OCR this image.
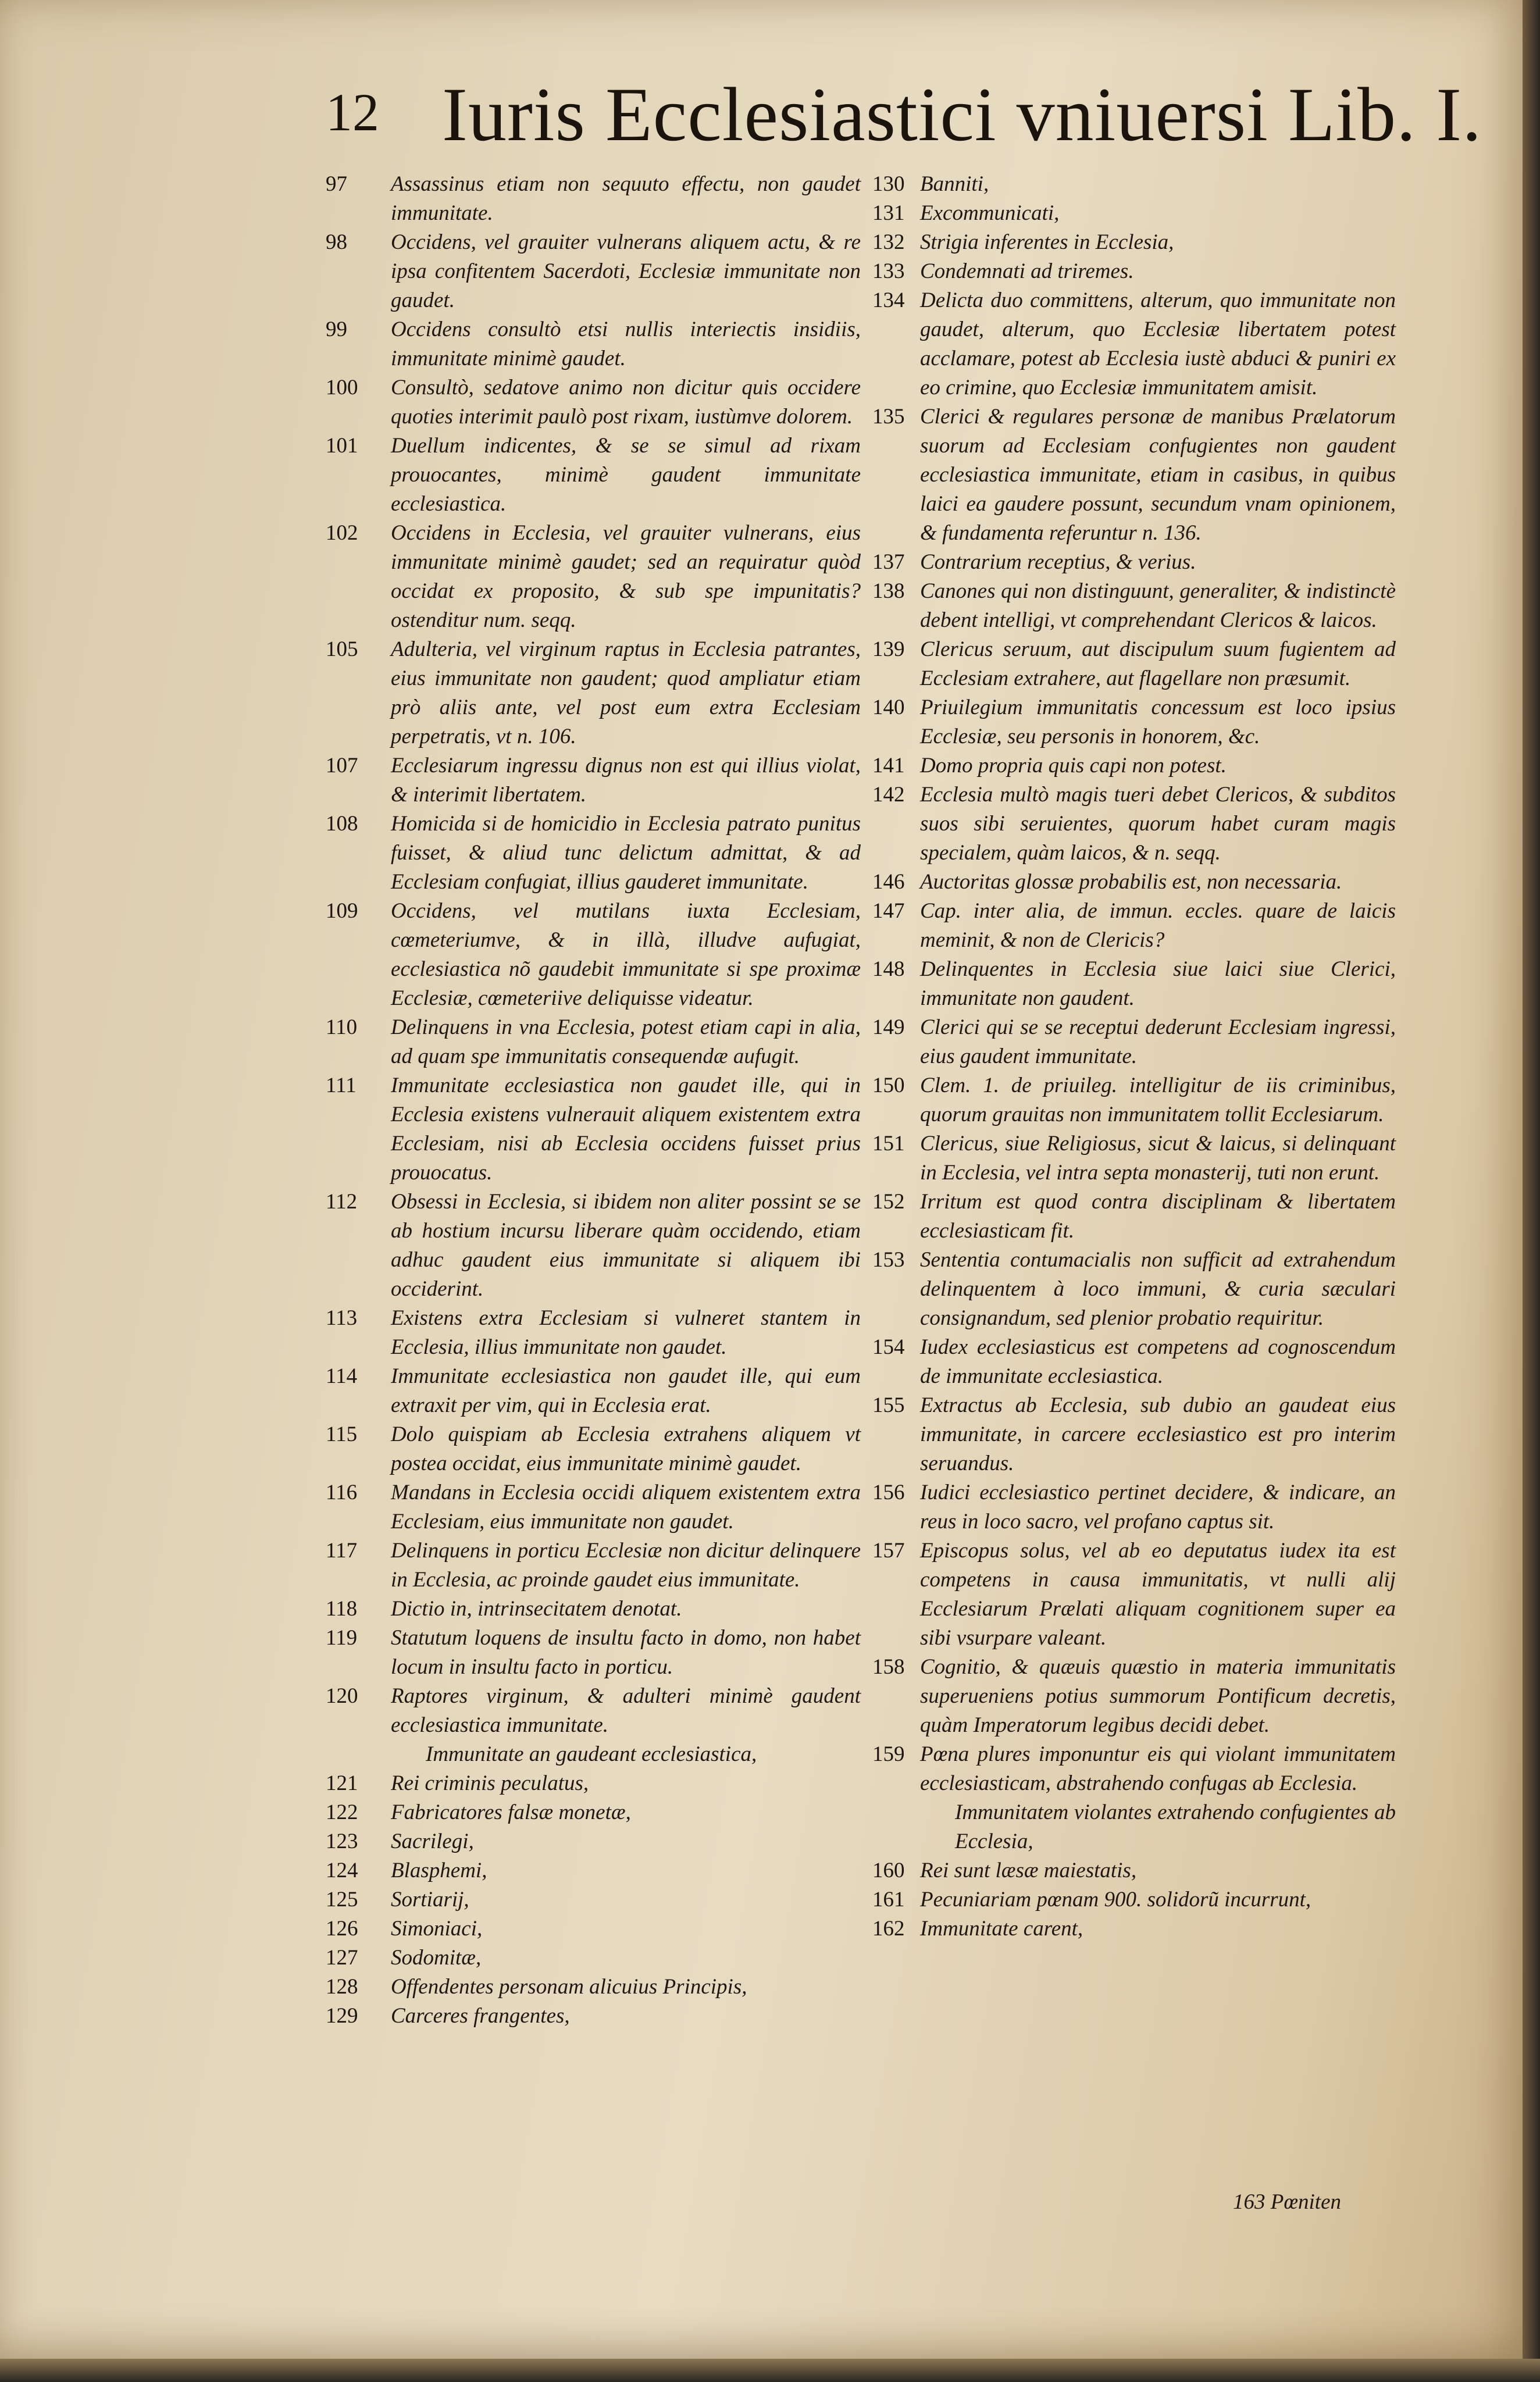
12 Iuris Ecclesiastici vniuersi Lib. I.
97	Assassinus etiam non sequuto effectu, non gaudet immunitate.
98	Occidens, vel grauiter vulnerans aliquem actu, & re ipsa confitentem Sacerdoti, Ecclesiæ immunitate non gaudet.
99	Occidens consultò etsi nullis interiectis insidiis, immunitate minimè gaudet.
100	Consultò, sedatove animo non dicitur quis occidere quoties interimit paulò post rixam, iustùmve dolorem.
101	Duellum indicentes, & se se simul ad rixam prouocantes, minimè gaudent immunitate ecclesiastica.
102	Occidens in Ecclesia, vel grauiter vulnerans, eius immunitate minimè gaudet; sed an requiratur quòd occidat ex proposito, & sub spe impunitatis? ostenditur num. seqq.
105	Adulteria, vel virginum raptus in Ecclesia patrantes, eius immunitate non gaudent; quod ampliatur etiam prò aliis ante, vel post eum extra Ecclesiam perpetratis, vt n. 106.
107	Ecclesiarum ingressu dignus non est qui illius violat, & interimit libertatem.
108	Homicida si de homicidio in Ecclesia patrato punitus fuisset, & aliud tunc delictum admittat, & ad Ecclesiam confugiat, illius gauderet immunitate.
109	Occidens, vel mutilans iuxta Ecclesiam, cœmeteriumve, & in illà, illudve aufugiat, ecclesiastica nõ gaudebit immunitate si spe proximæ Ecclesiæ, cœmeteriive deliquisse videatur.
110	Delinquens in vna Ecclesia, potest etiam capi in alia, ad quam spe immunitatis consequendæ aufugit.
111	Immunitate ecclesiastica non gaudet ille, qui in Ecclesia existens vulnerauit aliquem existentem extra Ecclesiam, nisi ab Ecclesia occidens fuisset prius prouocatus.
112	Obsessi in Ecclesia, si ibidem non aliter possint se se ab hostium incursu liberare quàm occidendo, etiam adhuc gaudent eius immunitate si aliquem ibi occiderint.
113	Existens extra Ecclesiam si vulneret stantem in Ecclesia, illius immunitate non gaudet.
114	Immunitate ecclesiastica non gaudet ille, qui eum extraxit per vim, qui in Ecclesia erat.
115	Dolo quispiam ab Ecclesia extrahens aliquem vt postea occidat, eius immunitate minimè gaudet.
116	Mandans in Ecclesia occidi aliquem existentem extra Ecclesiam, eius immunitate non gaudet.
117	Delinquens in porticu Ecclesiæ non dicitur delinquere in Ecclesia, ac proinde gaudet eius immunitate.
118	Dictio in, intrinsecitatem denotat.
119	Statutum loquens de insultu facto in domo, non habet locum in insultu facto in porticu.
120	Raptores virginum, & adulteri minimè gaudent ecclesiastica immunitate.
Immunitate an gaudeant ecclesiastica,
121	Rei criminis peculatus,
122	Fabricatores falsæ monetæ,
123	Sacrilegi,
124	Blasphemi,
125	Sortiarij,
126	Simoniaci,
127	Sodomitæ,
128	Offendentes personam alicuius Principis,
129	Carceres frangentes,
130 Banniti,
131 Excommunicati,
132 Strigia inferentes in Ecclesia,
133 Condemnati ad triremes.
134 Delicta duo committens, alterum, quo immunitate non gaudet, alterum, quo Ecclesiæ libertatem potest acclamare, potest ab Ecclesia iustè abduci & puniri ex eo crimine, quo Ecclesiæ immunitatem amisit.
135 Clerici & regulares personæ de manibus Prælatorum suorum ad Ecclesiam confugientes non gaudent ecclesiastica immunitate, etiam in casibus, in quibus laici ea gaudere possunt, secundum vnam opinionem, & fundamenta referuntur n. 136.
137 Contrarium receptius, & verius.
138 Canones qui non distinguunt, generaliter, & indistinctè debent intelligi, vt comprehendant Clericos & laicos.
139 Clericus seruum, aut discipulum suum fugientem ad Ecclesiam extrahere, aut flagellare non præsumit.
140 Priuilegium immunitatis concessum est loco ipsius Ecclesiæ, seu personis in honorem, &c.
141 Domo propria quis capi non potest.
142 Ecclesia multò magis tueri debet Clericos, & subditos suos sibi seruientes, quorum habet curam magis specialem, quàm laicos, & n. seqq.
146 Auctoritas glossæ probabilis est, non necessaria.
147 Cap. inter alia, de immun. eccles. quare de laicis meminit, & non de Clericis?
148 Delinquentes in Ecclesia siue laici siue Clerici, immunitate non gaudent.
149 Clerici qui se se receptui dederunt Ecclesiam ingressi, eius gaudent immunitate.
150 Clem. 1. de priuileg. intelligitur de iis criminibus, quorum grauitas non immunitatem tollit Ecclesiarum.
151 Clericus, siue Religiosus, sicut & laicus, si delinquant in Ecclesia, vel intra septa monasterij, tuti non erunt.
152 Irritum est quod contra disciplinam & libertatem ecclesiasticam fit.
153 Sententia contumacialis non sufficit ad extrahendum delinquentem à loco immuni, & curia sæculari consignandum, sed plenior probatio requiritur.
154 Iudex ecclesiasticus est competens ad cognoscendum de immunitate ecclesiastica.
155 Extractus ab Ecclesia, sub dubio an gaudeat eius immunitate, in carcere ecclesiastico est pro interim seruandus.
156 Iudici ecclesiastico pertinet decidere, & indicare, an reus in loco sacro, vel profano captus sit.
157 Episcopus solus, vel ab eo deputatus iudex ita est competens in causa immunitatis, vt nulli alij Ecclesiarum Prælati aliquam cognitionem super ea sibi vsurpare valeant.
158 Cognitio, & quæuis quæstio in materia immunitatis superueniens potius summorum Pontificum decretis, quàm Imperatorum legibus decidi debet.
159 Pœna plures imponuntur eis qui violant immunitatem ecclesiasticam, abstrahendo confugas ab Ecclesia.
Immunitatem violantes extrahendo confugientes ab Ecclesia,
160 Rei sunt læsæ maiestatis,
161 Pecuniariam pœnam 900. solidorũ incurrunt,
162 Immunitate carent,
163 Pœniten
